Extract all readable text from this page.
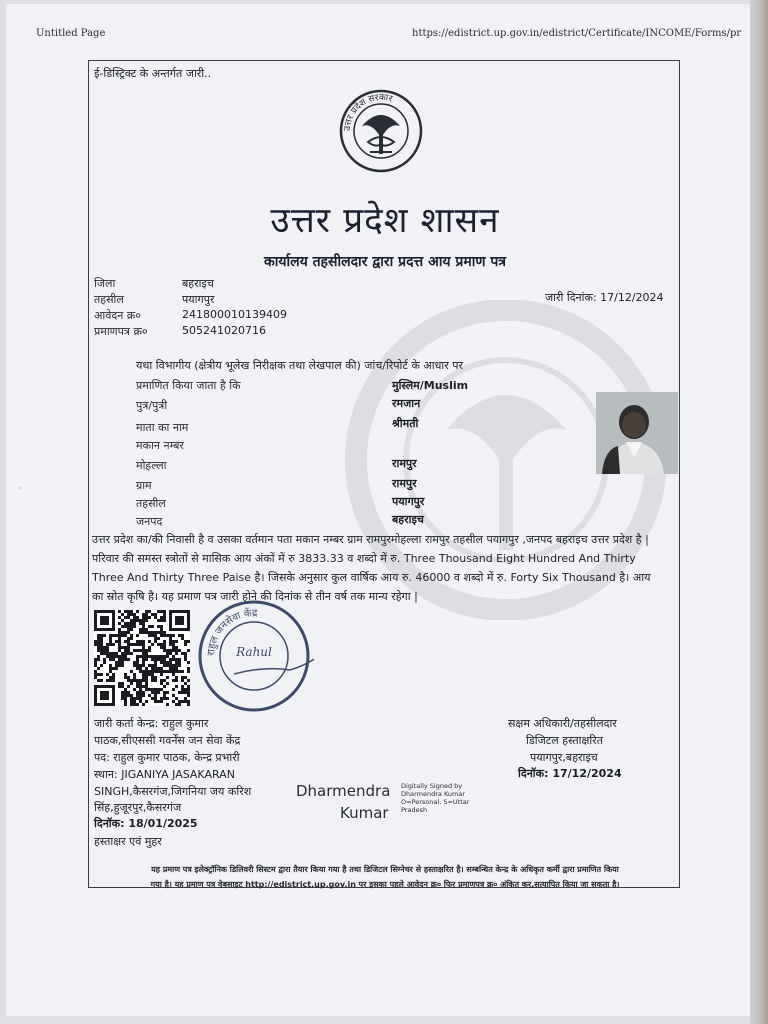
Untitled Page	https://edistrict.up.gov.in/edistrict/Certificate/INCOME/Forms/pr
ई-डिस्ट्रिक्ट के अन्तर्गत जारी..
उत्तर प्रदेश सरकार
उत्तर प्रदेश शासन
कार्यालय तहसीलदार द्वारा प्रदत्त आय प्रमाण पत्र
जिला	बहराइच
तहसील	पयागपुर
आवेदन क्र०	241800010139409
प्रमाणपत्र क्र०	505241020716
जारी दिनांक: 17/12/2024
यथा विभागीय (क्षेत्रीय भूलेख निरीक्षक तथा लेखपाल की) जांच/रिपोर्ट के आधार पर
प्रमाणित किया जाता है कि	मुस्लिम/Muslim
पुत्र/पुत्री	रमजान
माता का नाम	श्रीमती
मकान नम्बर
मोहल्ला	रामपुर
ग्राम	रामपुर
तहसील	पयागपुर
जनपद	बहराइच
उत्तर प्रदेश का/की निवासी है व उसका वर्तमान पता मकान नम्बर ग्राम रामपुरमोहल्ला रामपुर तहसील पयागपुर ,जनपद बहराइच उत्तर प्रदेश है | परिवार की समस्त स्त्रोतों से मासिक आय अंकों में रु 3833.33 व शब्दो में रु. Three Thousand Eight Hundred And Thirty Three And Thirty Three Paise है। जिसके अनुसार कुल वार्षिक आय रु. 46000 व शब्दो में रु. Forty Six Thousand है। आय का स्रोत कृषि है। यह प्रमाण पत्र जारी होने की दिनांक से तीन वर्ष तक मान्य रहेगा |
राहुल जनसेवा केंद्र
Rahul
जारी कर्ता केन्द्र: राहुल कुमार
पाठक,सीएससी गवर्नेंस जन सेवा केंद्र
पद: राहुल कुमार पाठक, केन्द्र प्रभारी
स्थान: JIGANIYA JASAKARAN
SINGH,कैसरगंज,जिगनिया जय करिश
सिंह,हुजूरपुर,कैसरगंज
दिनॉक: 18/01/2025
हस्ताक्षर एवं मुहर
Dharmendra
Kumar
Digitally Signed by
Dharmendra Kumar
O=Personal, S=Uttar
Pradesh
सक्षम अधिकारी/तहसीलदार
डिजिटल हस्ताक्षरित
पयागपुर,बहराइच
दिनॉक: 17/12/2024
यह प्रमाण पत्र इलेक्ट्रॉनिक डिलिवरी सिस्टम द्वारा तैयार किया गया है तथा डिजिटल सिग्नेचर से हस्ताक्षरित है। सम्बन्धित केन्द्र के अधिकृत कर्मी द्वारा प्रमाणित किया
गया है। यह प्रमाण पत्र वेबसाइट http://edistrict.up.gov.in पर इसका पहले आवेदन क्र० फिर प्रमाणपत्र क्र० अंकित कर,सत्यापित किया जा सकता है।
·
